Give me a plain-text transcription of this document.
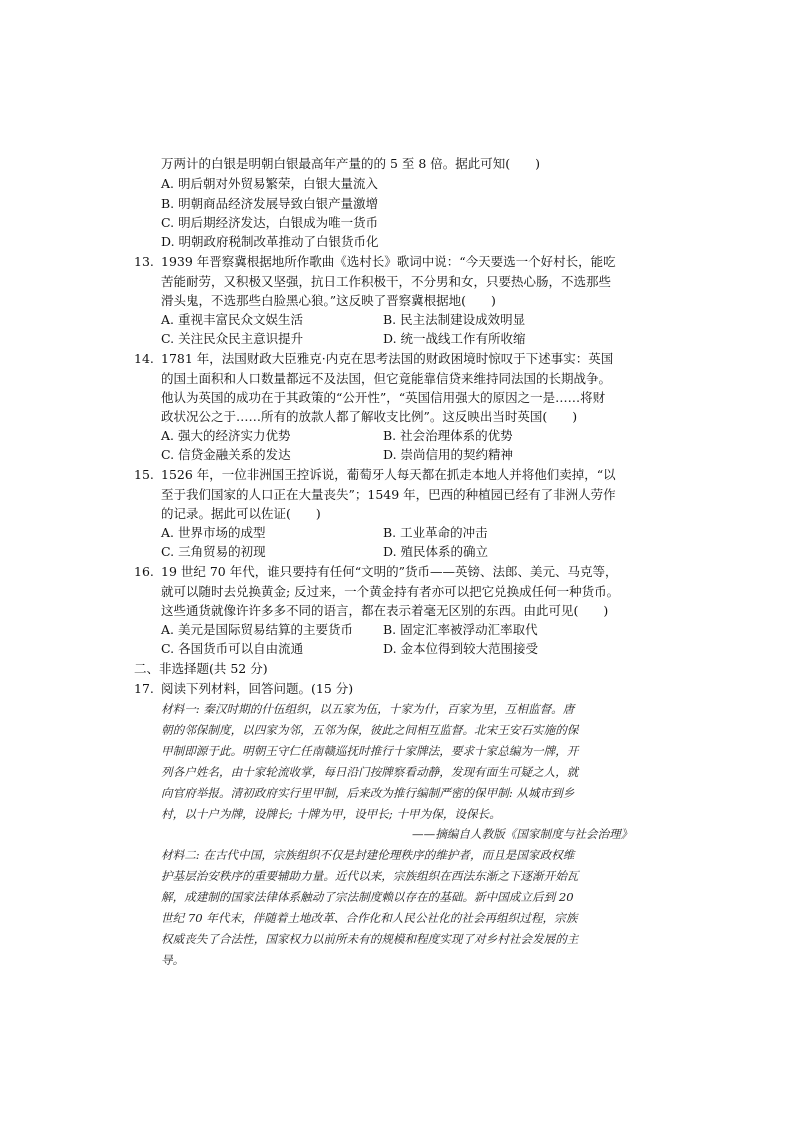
万两计的白银是明朝白银最高年产量的的 5 至 8 倍。据此可知(　　)
A. 明后朝对外贸易繁荣，白银大量流入
B. 明朝商品经济发展导致白银产量激增
C. 明后期经济发达，白银成为唯一货币
D. 明朝政府税制改革推动了白银货币化
13. 1939 年晋察冀根据地所作歌曲《选村长》歌词中说：“今天要选一个好村长，能吃
苦能耐劳，又积极又坚强，抗日工作积极干，不分男和女，只要热心肠，不选那些
滑头鬼，不选那些白脸黑心狼。”这反映了晋察冀根据地(　　)
A. 重视丰富民众文娱生活	B. 民主法制建设成效明显
C. 关注民众民主意识提升	D. 统一战线工作有所收缩
14. 1781 年，法国财政大臣雅克·内克在思考法国的财政困境时惊叹于下述事实：英国
的国土面积和人口数量都远不及法国，但它竟能靠信贷来维持同法国的长期战争。
他认为英国的成功在于其政策的“公开性”，“英国信用强大的原因之一是……将财
政状况公之于……所有的放款人都了解收支比例”。这反映出当时英国(　　)
A. 强大的经济实力优势	B. 社会治理体系的优势
C. 信贷金融关系的发达	D. 崇尚信用的契约精神
15. 1526 年，一位非洲国王控诉说，葡萄牙人每天都在抓走本地人并将他们卖掉，“以
至于我们国家的人口正在大量丧失”；1549 年，巴西的种植园已经有了非洲人劳作
的记录。据此可以佐证(　　)
A. 世界市场的成型	B. 工业革命的冲击
C. 三角贸易的初现	D. 殖民体系的确立
16. 19 世纪 70 年代，谁只要持有任何“文明的”货币——英镑、法郎、美元、马克等，
就可以随时去兑换黄金; 反过来，一个黄金持有者亦可以把它兑换成任何一种货币。
这些通货就像许许多多不同的语言，都在表示着毫无区别的东西。由此可见(　　)
A. 美元是国际贸易结算的主要货币 B. 固定汇率被浮动汇率取代
C. 各国货币可以自由流通	D. 金本位得到较大范围接受
二、非选择题(共 52 分)
17. 阅读下列材料，回答问题。(15 分)
材料一: 秦汉时期的什伍组织，以五家为伍，十家为什，百家为里，互相监督。唐
朝的邻保制度，以四家为邻，五邻为保，彼此之间相互监督。北宋王安石实施的保
甲制即源于此。明朝王守仁任南赣巡抚时推行十家牌法，要求十家总编为一牌，开
列各户姓名，由十家轮流收掌，每日沿门按牌察看动静，发现有面生可疑之人，就
向官府举报。清初政府实行里甲制，后来改为推行编制严密的保甲制: 从城市到乡
村，以十户为牌，设牌长; 十牌为甲，设甲长; 十甲为保，设保长。
——摘编自人教版《国家制度与社会治理》
材料二: 在古代中国，宗族组织不仅是封建伦理秩序的维护者，而且是国家政权维
护基层治安秩序的重要辅助力量。近代以来，宗族组织在西法东渐之下逐渐开始瓦
解，成建制的国家法律体系触动了宗法制度赖以存在的基础。新中国成立后到 20
世纪 70 年代末，伴随着土地改革、合作化和人民公社化的社会再组织过程，宗族
权威丧失了合法性，国家权力以前所未有的规模和程度实现了对乡村社会发展的主
导。
